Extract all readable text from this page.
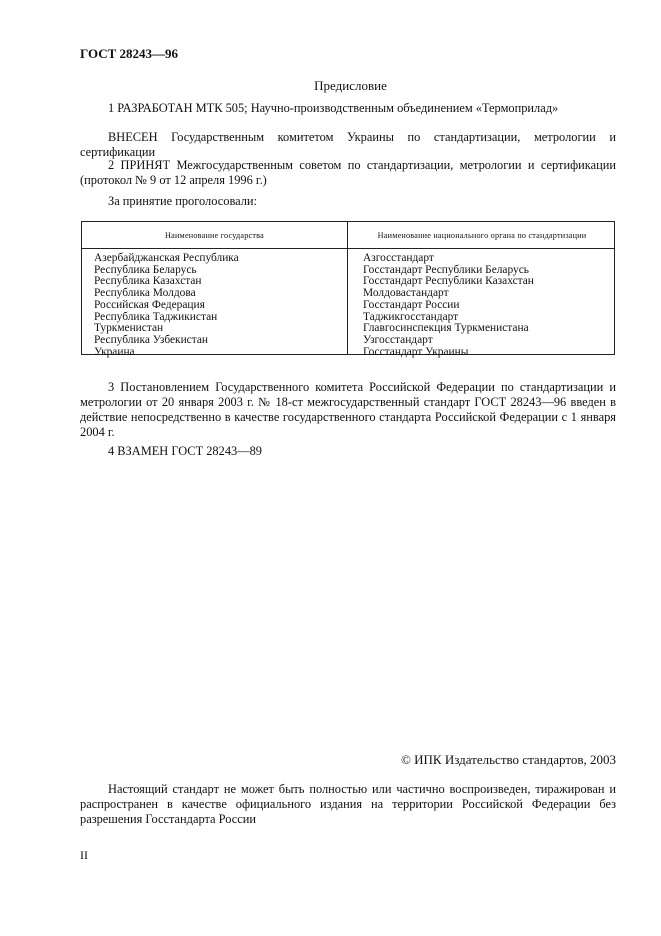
ГОСТ 28243—96
Предисловие
1 РАЗРАБОТАН МТК 505; Научно-производственным объединением «Термоприлад»
ВНЕСЕН Государственным комитетом Украины по стандартизации, метрологии и сертификации
2 ПРИНЯТ Межгосударственным советом по стандартизации, метрологии и сертификации (протокол № 9 от 12 апреля 1996 г.)
За принятие проголосовали:
Наименование государства	Наименование национального органа по стандартизации
Азербайджанская Республика
Республика Беларусь
Республика Казахстан
Республика Молдова
Российская Федерация
Республика Таджикистан
Туркменистан
Республика Узбекистан
Украина
Азгосстандарт
Госстандарт Республики Беларусь
Госстандарт Республики Казахстан
Молдовастандарт
Госстандарт России
Таджикгосстандарт
Главгосинспекция Туркменистана
Узгосстандарт
Госстандарт Украины
3 Постановлением Государственного комитета Российской Федерации по стандартизации и метрологии от 20 января 2003 г. № 18-ст межгосударственный стандарт ГОСТ 28243—96 введен в действие непосредственно в качестве государственного стандарта Российской Федерации с 1 января 2004 г.
4 ВЗАМЕН ГОСТ 28243—89
© ИПК Издательство стандартов, 2003
Настоящий стандарт не может быть полностью или частично воспроизведен, тиражирован и распространен в качестве официального издания на территории Российской Федерации без разрешения Госстандарта России
II
